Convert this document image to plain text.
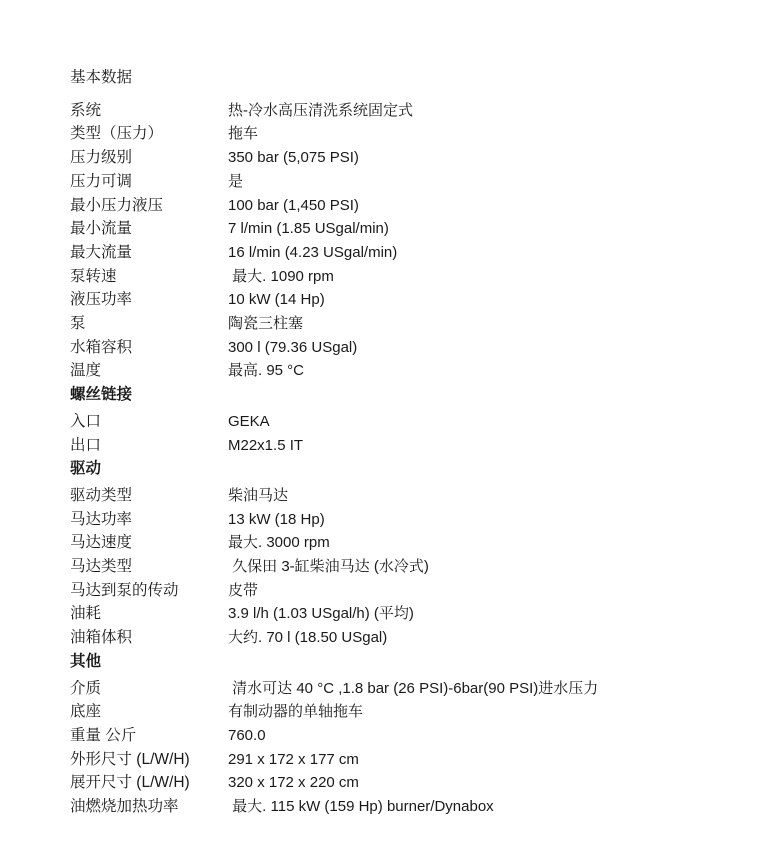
基本数据
系统	热-冷水高压清洗系统固定式
类型（压力）	拖车
压力级别	350 bar (5,075 PSI)
压力可调	是
最小压力液压	100 bar (1,450 PSI)
最小流量	7 l/min (1.85 USgal/min)
最大流量	16 l/min (4.23 USgal/min)
泵转速	最大. 1090 rpm
液压功率	10 kW (14 Hp)
泵	陶瓷三柱塞
水箱容积	300 l (79.36 USgal)
温度	最高. 95 °C
螺丝链接
入口	GEKA
出口	M22x1.5 IT
驱动
驱动类型	柴油马达
马达功率	13 kW (18 Hp)
马达速度	最大. 3000 rpm
马达类型	久保田 3-缸柴油马达 (水冷式)
马达到泵的传动	皮带
油耗	3.9 l/h (1.03 USgal/h) (平均)
油箱体积	大约. 70 l (18.50 USgal)
其他
介质	清水可达 40 °C ,1.8 bar (26 PSI)-6bar(90 PSI)进水压力
底座	有制动器的单轴拖车
重量 公斤	760.0
外形尺寸 (L/W/H)	291 x 172 x 177 cm
展开尺寸 (L/W/H)	320 x 172 x 220 cm
油燃烧加热功率	最大. 115 kW (159 Hp) burner/Dynabox
